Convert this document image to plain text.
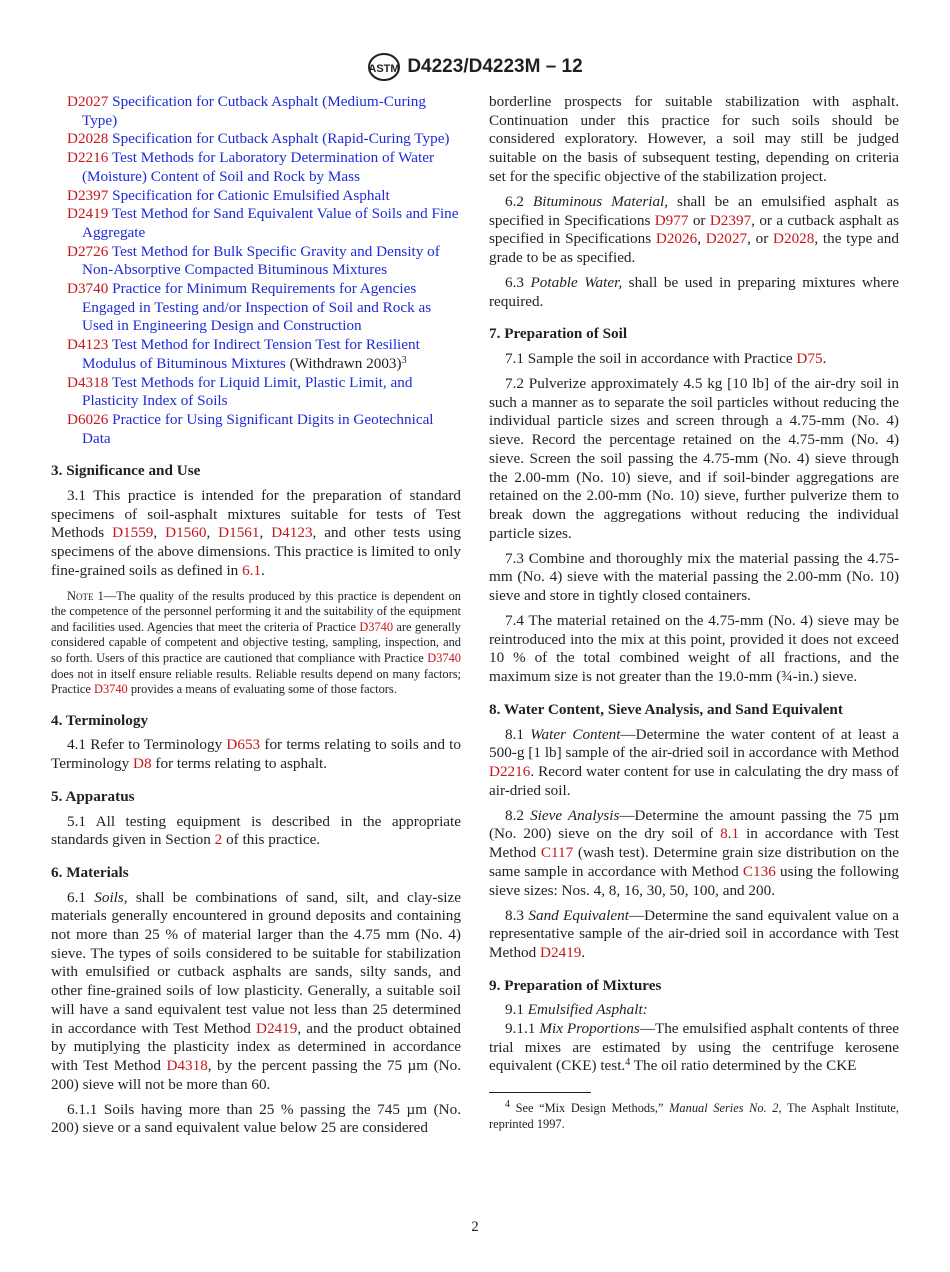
ASTM D4223/D4223M – 12
D2027 Specification for Cutback Asphalt (Medium-Curing Type)
D2028 Specification for Cutback Asphalt (Rapid-Curing Type)
D2216 Test Methods for Laboratory Determination of Water (Moisture) Content of Soil and Rock by Mass
D2397 Specification for Cationic Emulsified Asphalt
D2419 Test Method for Sand Equivalent Value of Soils and Fine Aggregate
D2726 Test Method for Bulk Specific Gravity and Density of Non-Absorptive Compacted Bituminous Mixtures
D3740 Practice for Minimum Requirements for Agencies Engaged in Testing and/or Inspection of Soil and Rock as Used in Engineering Design and Construction
D4123 Test Method for Indirect Tension Test for Resilient Modulus of Bituminous Mixtures (Withdrawn 2003)$^3$
D4318 Test Methods for Liquid Limit, Plastic Limit, and Plasticity Index of Soils
D6026 Practice for Using Significant Digits in Geotechnical Data
3. Significance and Use
3.1 This practice is intended for the preparation of standard specimens of soil-asphalt mixtures suitable for tests of Test Methods D1559, D1560, D1561, D4123, and other tests using specimens of the above dimensions. This practice is limited to only fine-grained soils as defined in 6.1.
Note 1—The quality of the results produced by this practice is dependent on the competence of the personnel performing it and the suitability of the equipment and facilities used. Agencies that meet the criteria of Practice D3740 are generally considered capable of competent and objective testing, sampling, inspection, and so forth. Users of this practice are cautioned that compliance with Practice D3740 does not in itself ensure reliable results. Reliable results depend on many factors; Practice D3740 provides a means of evaluating some of those factors.
4. Terminology
4.1 Refer to Terminology D653 for terms relating to soils and to Terminology D8 for terms relating to asphalt.
5. Apparatus
5.1 All testing equipment is described in the appropriate standards given in Section 2 of this practice.
6. Materials
6.1 Soils, shall be combinations of sand, silt, and clay-size materials generally encountered in ground deposits and containing not more than 25 % of material larger than the 4.75 mm (No. 4) sieve. The types of soils considered to be suitable for stabilization with emulsified or cutback asphalts are sands, silty sands, and other fine-grained soils of low plasticity. Generally, a suitable soil will have a sand equivalent test value not less than 25 determined in accordance with Test Method D2419, and the product obtained by mutiplying the plasticity index as determined in accordance with Test Method D4318, by the percent passing the 75 µm (No. 200) sieve will not be more than 60.
6.1.1 Soils having more than 25 % passing the 745 µm (No. 200) sieve or a sand equivalent value below 25 are considered
borderline prospects for suitable stabilization with asphalt. Continuation under this practice for such soils should be considered exploratory. However, a soil may still be judged suitable on the basis of subsequent testing, depending on criteria set for the specific objective of the stabilization project.
6.2 Bituminous Material, shall be an emulsified asphalt as specified in Specifications D977 or D2397, or a cutback asphalt as specified in Specifications D2026, D2027, or D2028, the type and grade to be as specified.
6.3 Potable Water, shall be used in preparing mixtures where required.
7. Preparation of Soil
7.1 Sample the soil in accordance with Practice D75.
7.2 Pulverize approximately 4.5 kg [10 lb] of the air-dry soil in such a manner as to separate the soil particles without reducing the individual particle sizes and screen through a 4.75-mm (No. 4) sieve. Record the percentage retained on the 4.75-mm (No. 4) sieve. Screen the soil passing the 4.75-mm (No. 4) sieve through the 2.00-mm (No. 10) sieve, and if soil-binder aggregations are retained on the 2.00-mm (No. 10) sieve, further pulverize them to break down the aggregations without reducing the individual particle sizes.
7.3 Combine and thoroughly mix the material passing the 4.75-mm (No. 4) sieve with the material passing the 2.00-mm (No. 10) sieve and store in tightly closed containers.
7.4 The material retained on the 4.75-mm (No. 4) sieve may be reintroduced into the mix at this point, provided it does not exceed 10 % of the total combined weight of all fractions, and the maximum size is not greater than the 19.0-mm (¾-in.) sieve.
8. Water Content, Sieve Analysis, and Sand Equivalent
8.1 Water Content—Determine the water content of at least a 500-g [1 lb] sample of the air-dried soil in accordance with Method D2216. Record water content for use in calculating the dry mass of air-dried soil.
8.2 Sieve Analysis—Determine the amount passing the 75 µm (No. 200) sieve on the dry soil of 8.1 in accordance with Test Method C117 (wash test). Determine grain size distribution on the same sample in accordance with Method C136 using the following sieve sizes: Nos. 4, 8, 16, 30, 50, 100, and 200.
8.3 Sand Equivalent—Determine the sand equivalent value on a representative sample of the air-dried soil in accordance with Test Method D2419.
9. Preparation of Mixtures
9.1 Emulsified Asphalt:
9.1.1 Mix Proportions—The emulsified asphalt contents of three trial mixes are estimated by using the centrifuge kerosene equivalent (CKE) test.$^4$ The oil ratio determined by the CKE
$^4$ See “Mix Design Methods,” Manual Series No. 2, The Asphalt Institute, reprinted 1997.
2
